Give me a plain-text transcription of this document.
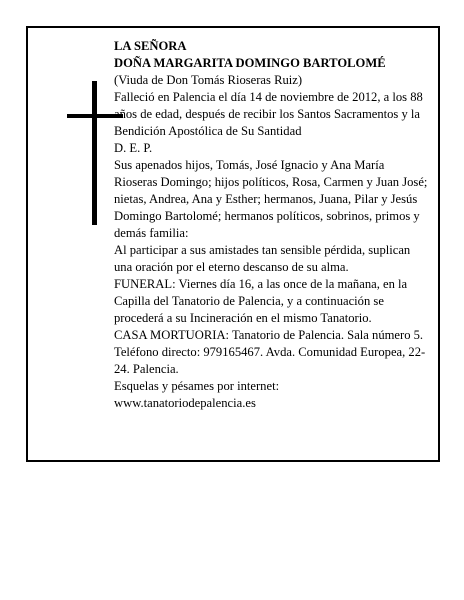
LA SEÑORA

DOÑA MARGARITA DOMINGO BARTOLOMÉ

(Viuda de Don Tomás Rioseras Ruiz)

Falleció en Palencia el día 14 de noviembre de 2012, a los 88 años de edad, después de recibir los Santos Sacramentos y la Bendición Apostólica de Su Santidad

D. E. P.

Sus apenados hijos, Tomás, José Ignacio y Ana María Rioseras Domingo; hijos políticos, Rosa, Carmen y Juan José; nietas, Andrea, Ana y Esther; hermanos, Juana, Pilar y Jesús Domingo Bartolomé; hermanos políticos, sobrinos, primos y demás familia:

Al participar a sus amistades tan sensible pérdida, suplican una oración por el eterno descanso de su alma.

FUNERAL: Viernes día 16, a las once de la mañana, en la Capilla del Tanatorio de Palencia, y a continuación se procederá a su Incineración en el mismo Tanatorio.

CASA MORTUORIA: Tanatorio de Palencia. Sala número 5. Teléfono directo: 979165467. Avda. Comunidad Europea, 22-24. Palencia.

Esquelas y pésames por internet:

www.tanatoriodepalencia.es
